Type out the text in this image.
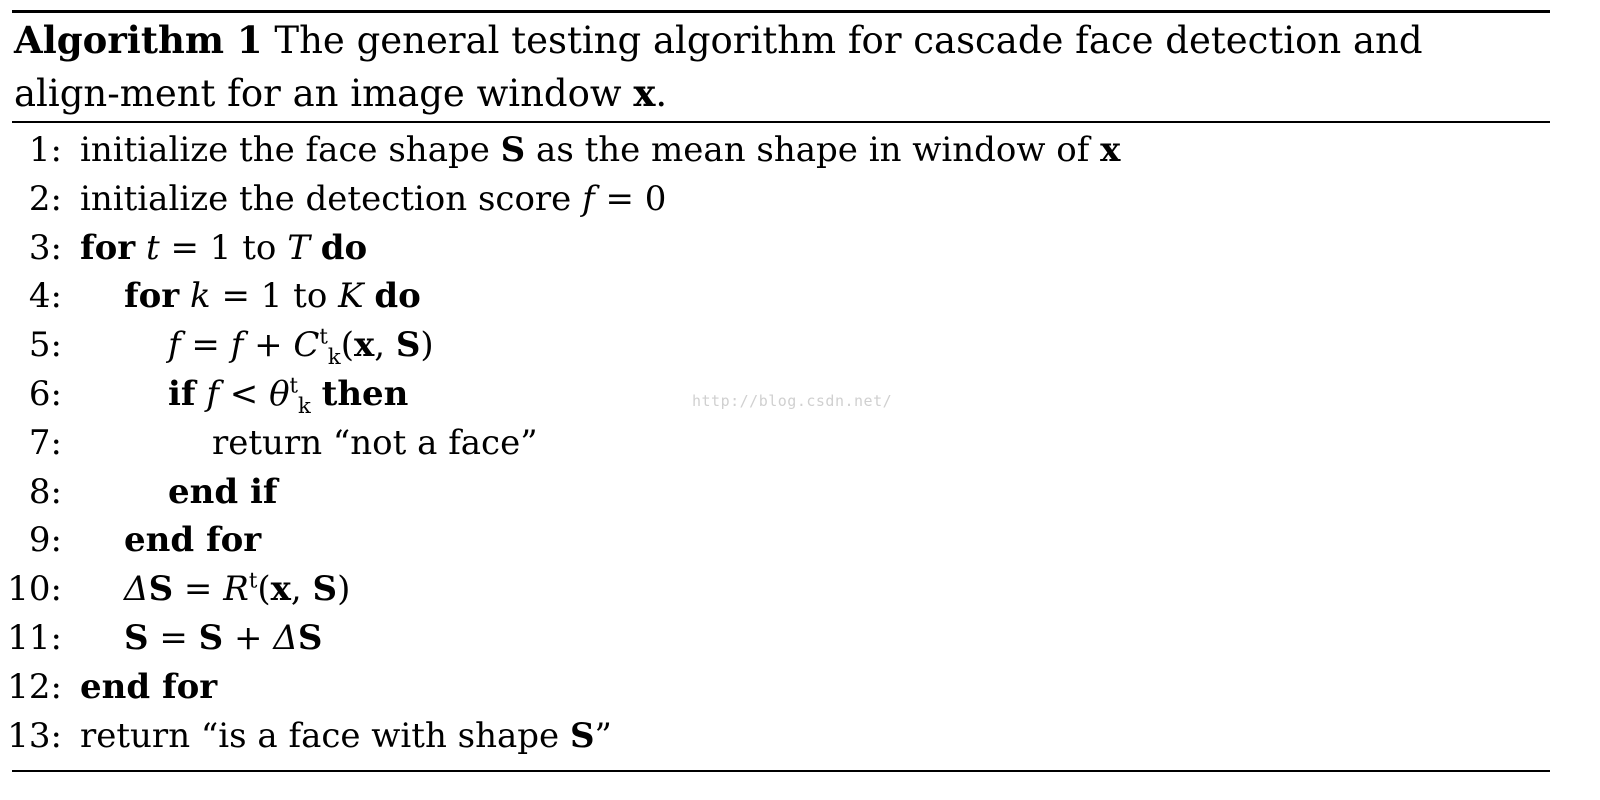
Algorithm 1 The general testing algorithm for cascade face detection and align-ment for an image window x.
1: initialize the face shape S as the mean shape in window of x
2: initialize the detection score f = 0
3: for t = 1 to T do
4: for k = 1 to K do
5:	$f = f + C^t_k(x$, S)
6:	if $f < \theta^t_k$ then
7:	return “not a face”
8:	end if
9: end for
10: $\Delta S = R^t(x$, S)
11: S = S + ΔS
12: end for
13: return “is a face with shape S”
http://blog.csdn.net/
